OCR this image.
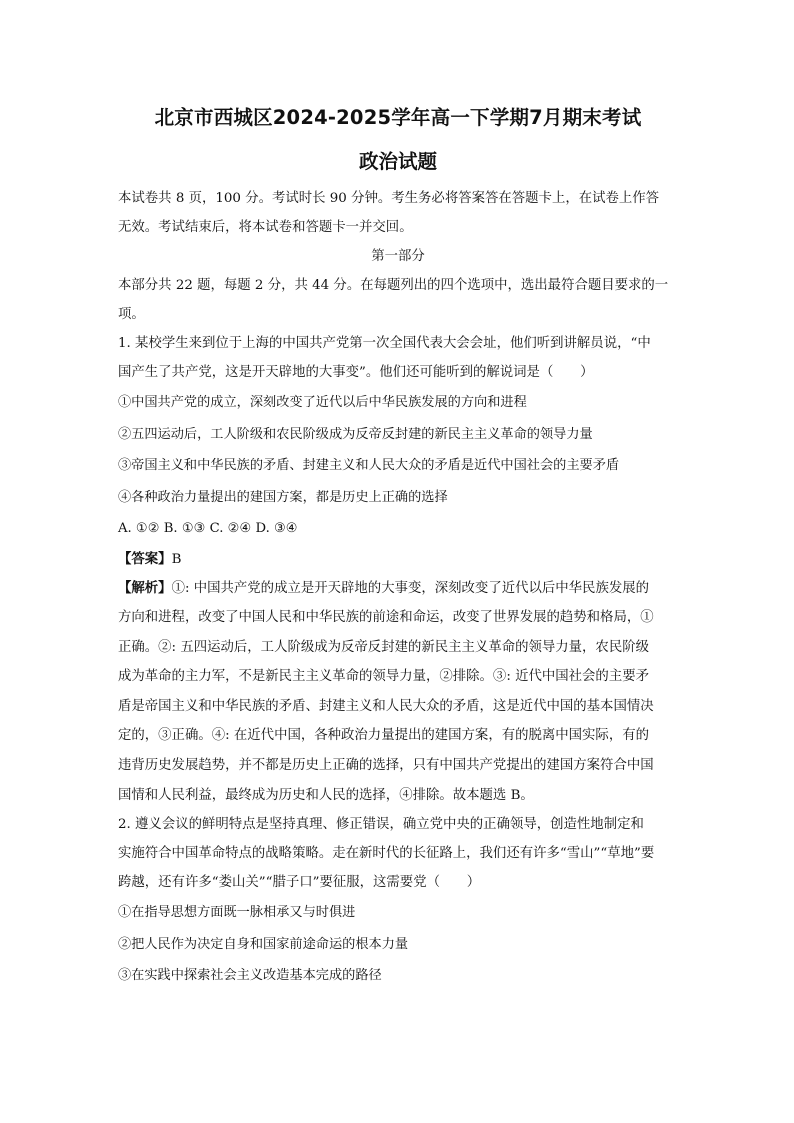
北京市西城区2024-2025学年高一下学期7月期末考试
政治试题

本试卷共 8 页，100 分。考试时长 90 分钟。考生务必将答案答在答题卡上，在试卷上作答

无效。考试结束后，将本试卷和答题卡一并交回。

第一部分

本部分共 22 题，每题 2 分，共 44 分。在每题列出的四个选项中，选出最符合题目要求的一

项。

1. 某校学生来到位于上海的中国共产党第一次全国代表大会会址，他们听到讲解员说，“中

国产生了共产党，这是开天辟地的大事变”。他们还可能听到的解说词是（　　）

①中国共产党的成立，深刻改变了近代以后中华民族发展的方向和进程

②五四运动后，工人阶级和农民阶级成为反帝反封建的新民主主义革命的领导力量

③帝国主义和中华民族的矛盾、封建主义和人民大众的矛盾是近代中国社会的主要矛盾

④各种政治力量提出的建国方案，都是历史上正确的选择

A. ①② B. ①③ C. ②④ D. ③④

【答案】B

【解析】①: 中国共产党的成立是开天辟地的大事变，深刻改变了近代以后中华民族发展的

方向和进程，改变了中国人民和中华民族的前途和命运，改变了世界发展的趋势和格局，①

正确。②: 五四运动后，工人阶级成为反帝反封建的新民主主义革命的领导力量，农民阶级

成为革命的主力军，不是新民主主义革命的领导力量，②排除。③: 近代中国社会的主要矛

盾是帝国主义和中华民族的矛盾、封建主义和人民大众的矛盾，这是近代中国的基本国情决

定的，③正确。④: 在近代中国，各种政治力量提出的建国方案，有的脱离中国实际，有的

违背历史发展趋势，并不都是历史上正确的选择，只有中国共产党提出的建国方案符合中国

国情和人民利益，最终成为历史和人民的选择，④排除。故本题选 B。

2. 遵义会议的鲜明特点是坚持真理、修正错误，确立党中央的正确领导，创造性地制定和

实施符合中国革命特点的战略策略。走在新时代的长征路上，我们还有许多“雪山”“草地”要

跨越，还有许多“娄山关”“腊子口”要征服，这需要党（　　）

①在指导思想方面既一脉相承又与时俱进

②把人民作为决定自身和国家前途命运的根本力量

③在实践中探索社会主义改造基本完成的路径
